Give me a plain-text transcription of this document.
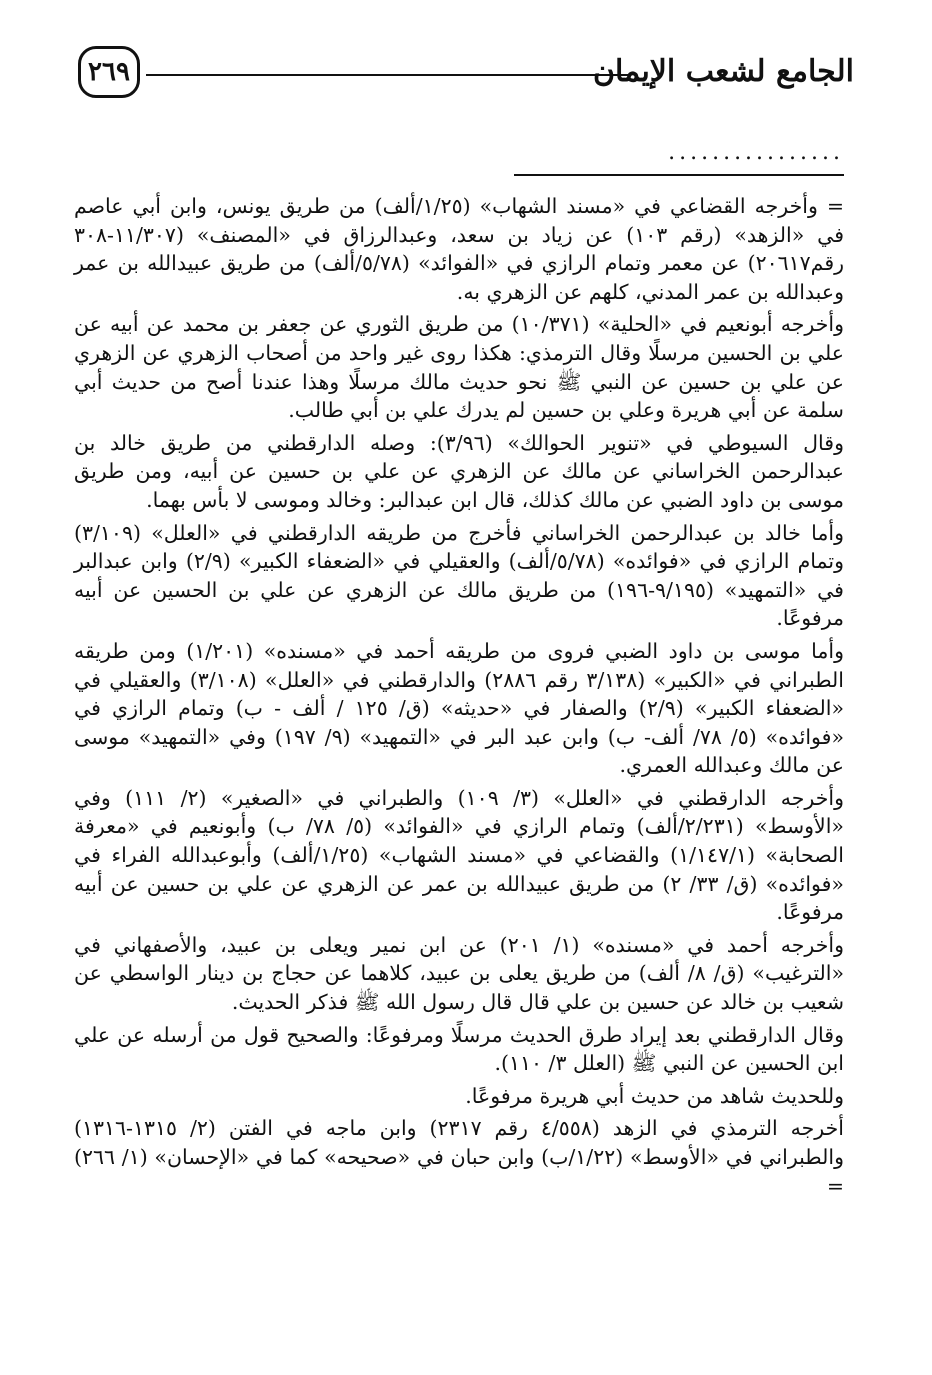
٢٦٩	الجامع لشعب الإيمان
................

= وأخرجه القضاعي في «مسند الشهاب» (١/٢٥/ألف) من طريق يونس، وابن أبي عاصم في «الزهد» (رقم ١٠٣) عن زياد بن سعد، وعبدالرزاق في «المصنف» (١١/٣٠٧-٣٠٨ رقم٢٠٦١٧) عن معمر وتمام الرازي في «الفوائد» (٥/٧٨/ألف) من طريق عبيدالله بن عمر وعبدالله بن عمر المدني، كلهم عن الزهري به.

وأخرجه أبونعيم في «الحلية» (١٠/٣٧١) من طريق الثوري عن جعفر بن محمد عن أبيه عن علي بن الحسين مرسلًا وقال الترمذي: هكذا روى غير واحد من أصحاب الزهري عن الزهري عن علي بن حسين عن النبي ﷺ نحو حديث مالك مرسلًا وهذا عندنا أصح من حديث أبي سلمة عن أبي هريرة وعلي بن حسين لم يدرك علي بن أبي طالب.

وقال السيوطي في «تنوير الحوالك» (٣/٩٦): وصله الدارقطني من طريق خالد بن عبدالرحمن الخراساني عن مالك عن الزهري عن علي بن حسين عن أبيه، ومن طريق موسى بن داود الضبي عن مالك كذلك، قال ابن عبدالبر: وخالد وموسى لا بأس بهما.

وأما خالد بن عبدالرحمن الخراساني فأخرج من طريقه الدارقطني في «العلل» (٣/١٠٩) وتمام الرازي في «فوائده» (٥/٧٨/ألف) والعقيلي في «الضعفاء الكبير» (٢/٩) وابن عبدالبر في «التمهيد» (٩/١٩٥-١٩٦) من طريق مالك عن الزهري عن علي بن الحسين عن أبيه مرفوعًا.

وأما موسى بن داود الضبي فروى من طريقه أحمد في «مسنده» (١/٢٠١) ومن طريقه الطبراني في «الكبير» (٣/١٣٨ رقم ٢٨٨٦) والدارقطني في «العلل» (٣/١٠٨) والعقيلي في «الضعفاء الكبير» (٢/٩) والصفار في «حديثه» (ق/ ١٢٥ / ألف - ب) وتمام الرازي في «فوائده» (٥/ ٧٨/ ألف- ب) وابن عبد البر في «التمهيد» (٩/ ١٩٧) وفي «التمهيد» موسى عن مالك وعبدالله العمري.

وأخرجه الدارقطني في «العلل» (٣/ ١٠٩) والطبراني في «الصغير» (٢/ ١١١) وفي «الأوسط» (٢/٢٣١/ألف) وتمام الرازي في «الفوائد» (٥/ ٧٨/ ب) وأبونعيم في «معرفة الصحابة» (١/١٤٧/١) والقضاعي في «مسند الشهاب» (١/٢٥/ألف) وأبوعبدالله الفراء في «فوائده» (ق/ ٣٣/ ٢) من طريق عبيدالله بن عمر عن الزهري عن علي بن حسين عن أبيه مرفوعًا.

وأخرجه أحمد في «مسنده» (١/ ٢٠١) عن ابن نمير ويعلى بن عبيد، والأصفهاني في «الترغيب» (ق/ ٨/ ألف) من طريق يعلى بن عبيد، كلاهما عن حجاج بن دينار الواسطي عن شعيب بن خالد عن حسين بن علي قال قال رسول الله ﷺ فذكر الحديث.

وقال الدارقطني بعد إيراد طرق الحديث مرسلًا ومرفوعًا: والصحيح قول من أرسله عن علي ابن الحسين عن النبي ﷺ (العلل ٣/ ١١٠).

وللحديث شاهد من حديث أبي هريرة مرفوعًا.

أخرجه الترمذي في الزهد (٤/٥٥٨ رقم ٢٣١٧) وابن ماجه في الفتن (٢/ ١٣١٥-١٣١٦) والطبراني في «الأوسط» (١/٢٢/ب) وابن حبان في «صحيحه» كما في «الإحسان» (١/ ٢٦٦) =
